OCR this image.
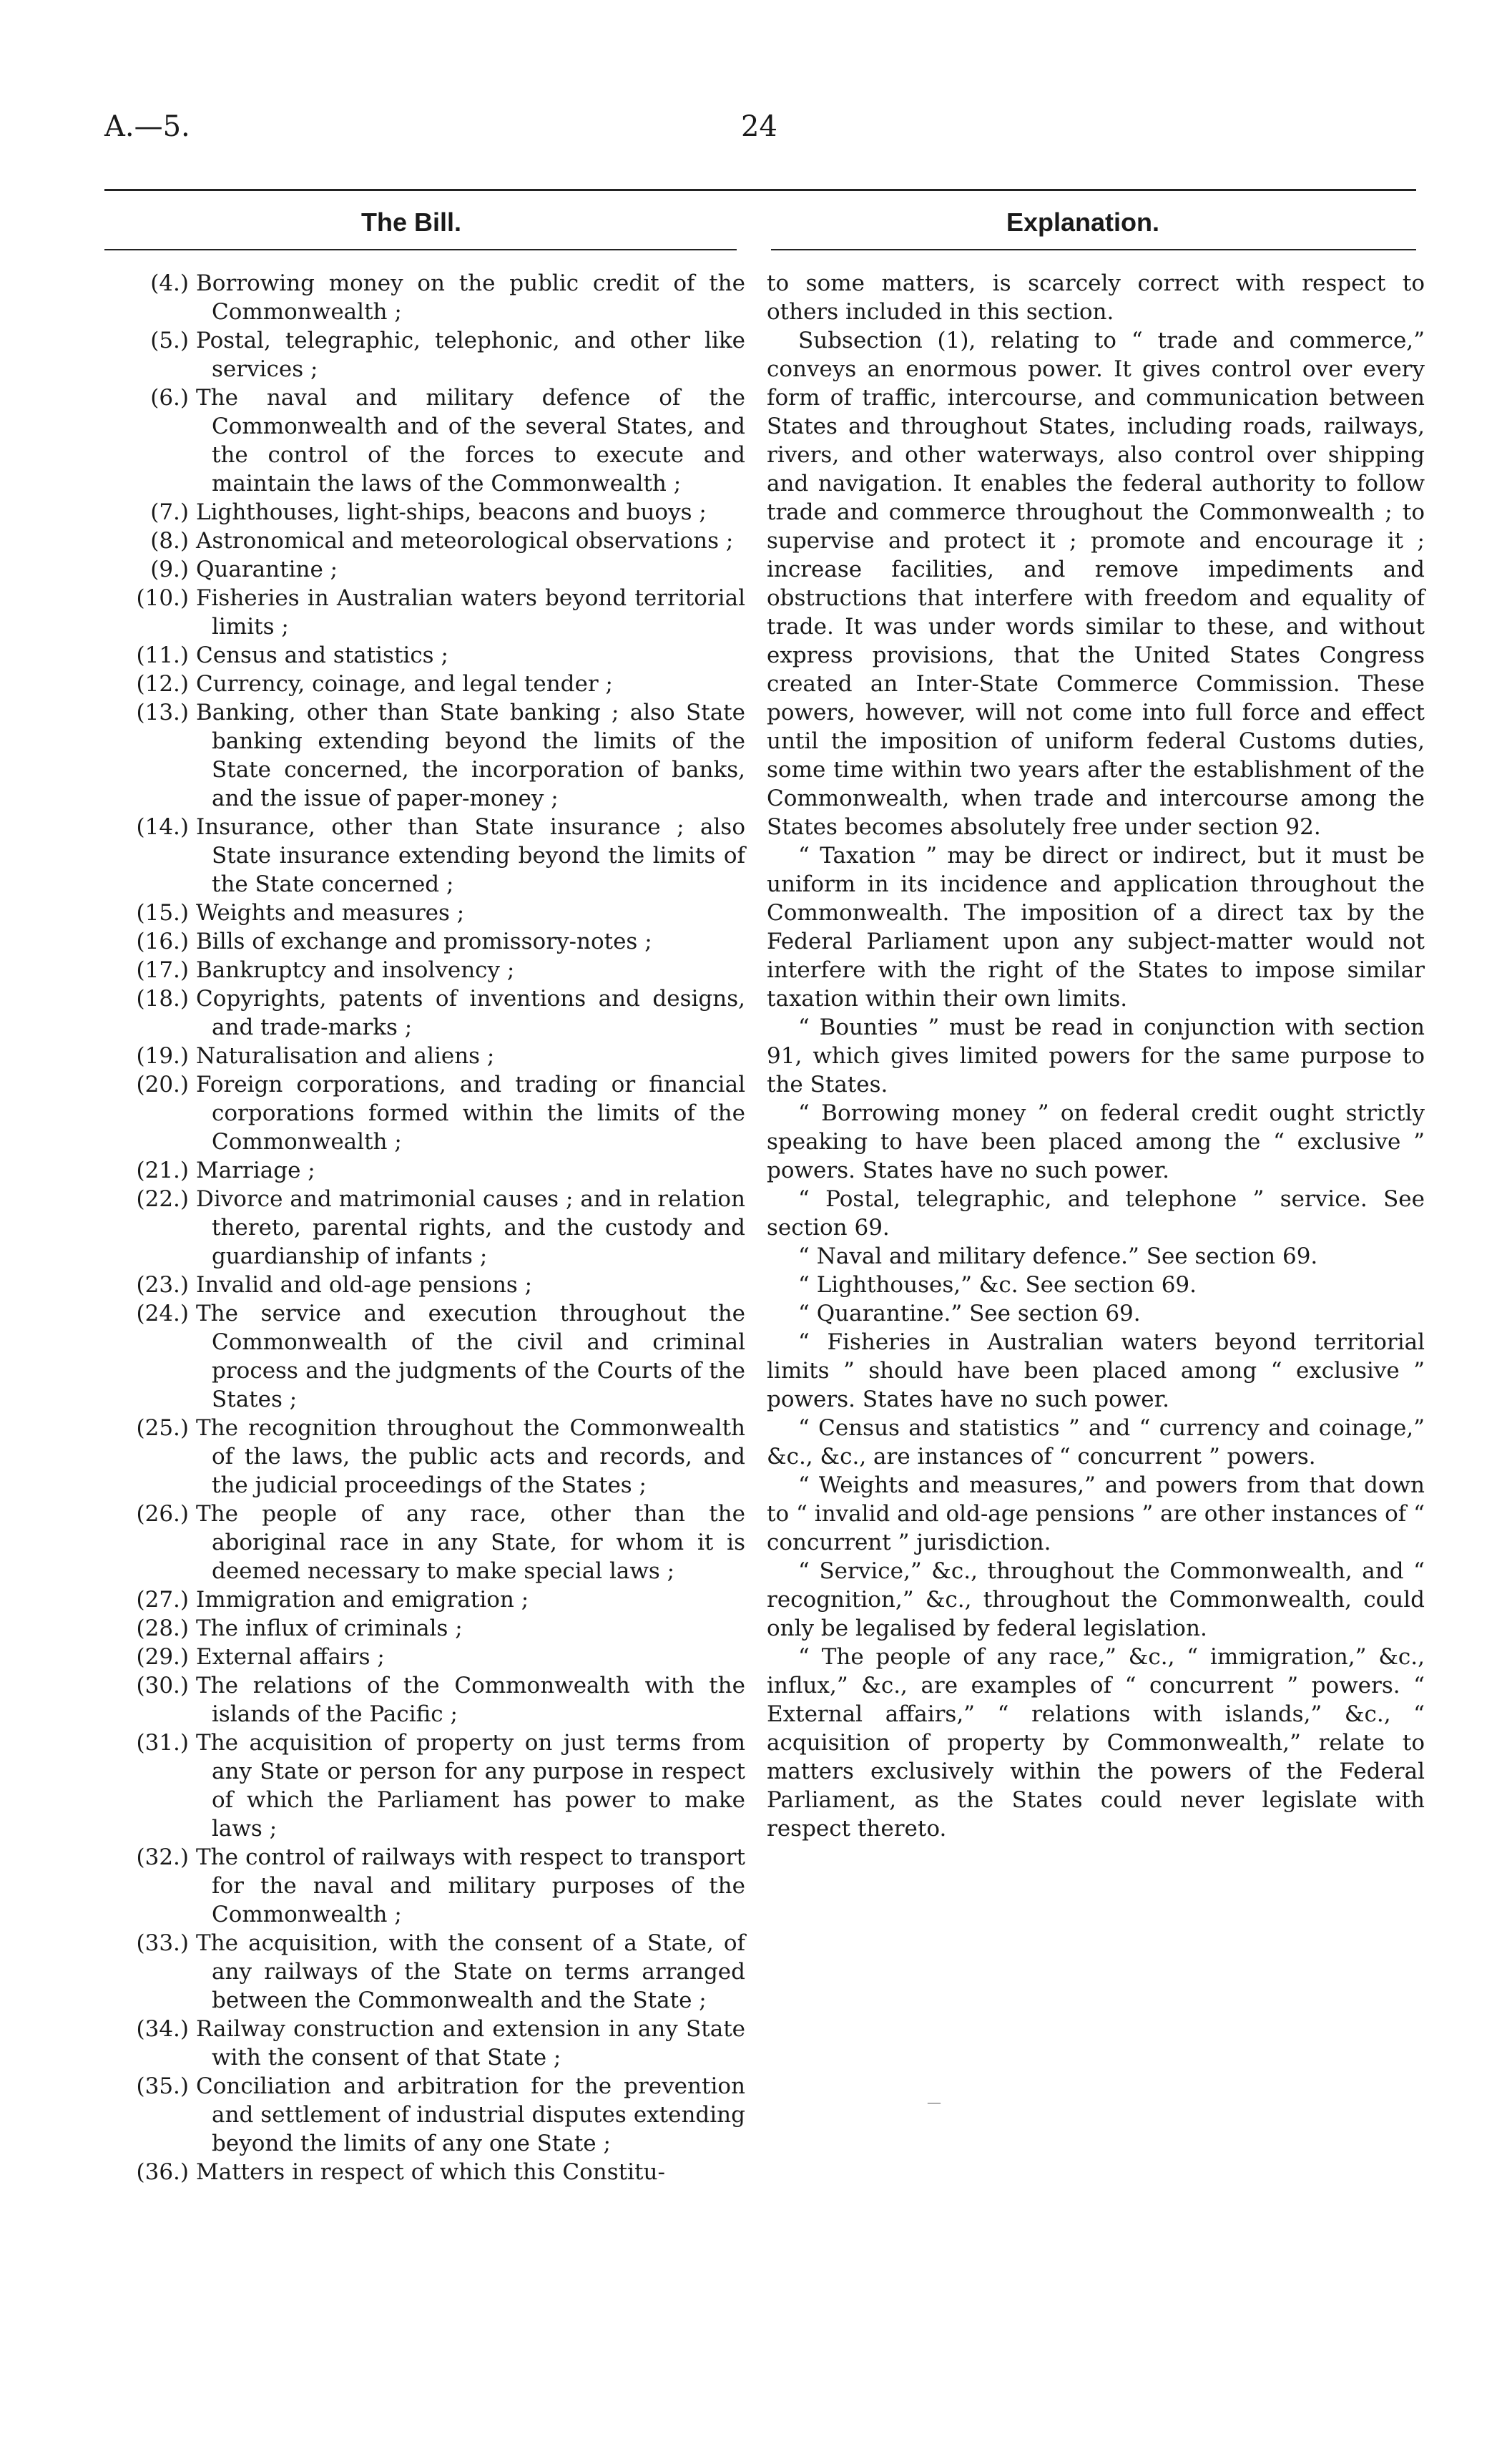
A.—5.	24
The Bill.	Explanation.
(4.) Borrowing money on the public credit of the Commonwealth ;
(5.) Postal, telegraphic, telephonic, and other like services ;
(6.) The naval and military defence of the Commonwealth and of the several States, and the control of the forces to execute and maintain the laws of the Commonwealth ;
(7.) Lighthouses, light-ships, beacons and buoys ;
(8.) Astronomical and meteorological observations ;
(9.) Quarantine ;
(10.) Fisheries in Australian waters beyond territorial limits ;
(11.) Census and statistics ;
(12.) Currency, coinage, and legal tender ;
(13.) Banking, other than State banking ; also State banking extending beyond the limits of the State concerned, the incorporation of banks, and the issue of paper-money ;
(14.) Insurance, other than State insurance ; also State insurance extending beyond the limits of the State concerned ;
(15.) Weights and measures ;
(16.) Bills of exchange and promissory-notes ;
(17.) Bankruptcy and insolvency ;
(18.) Copyrights, patents of inventions and designs, and trade-marks ;
(19.) Naturalisation and aliens ;
(20.) Foreign corporations, and trading or financial corporations formed within the limits of the Commonwealth ;
(21.) Marriage ;
(22.) Divorce and matrimonial causes ; and in relation thereto, parental rights, and the custody and guardianship of infants ;
(23.) Invalid and old-age pensions ;
(24.) The service and execution throughout the Commonwealth of the civil and criminal process and the judgments of the Courts of the States ;
(25.) The recognition throughout the Commonwealth of the laws, the public acts and records, and the judicial proceedings of the States ;
(26.) The people of any race, other than the aboriginal race in any State, for whom it is deemed necessary to make special laws ;
(27.) Immigration and emigration ;
(28.) The influx of criminals ;
(29.) External affairs ;
(30.) The relations of the Commonwealth with the islands of the Pacific ;
(31.) The acquisition of property on just terms from any State or person for any purpose in respect of which the Parliament has power to make laws ;
(32.) The control of railways with respect to transport for the naval and military purposes of the Commonwealth ;
(33.) The acquisition, with the consent of a State, of any railways of the State on terms arranged between the Commonwealth and the State ;
(34.) Railway construction and extension in any State with the consent of that State ;
(35.) Conciliation and arbitration for the prevention and settlement of industrial disputes extending beyond the limits of any one State ;
(36.) Matters in respect of which this Constitu-

to some matters, is scarcely correct with respect to others included in this section.

Subsection (1), relating to “ trade and commerce,” conveys an enormous power. It gives control over every form of traffic, intercourse, and communication between States and throughout States, including roads, railways, rivers, and other waterways, also control over shipping and navigation. It enables the federal authority to follow trade and commerce throughout the Commonwealth ; to supervise and protect it ; promote and encourage it ; increase facilities, and remove impediments and obstructions that interfere with freedom and equality of trade. It was under words similar to these, and without express provisions, that the United States Congress created an Inter-State Commerce Commission. These powers, however, will not come into full force and effect until the imposition of uniform federal Customs duties, some time within two years after the establishment of the Commonwealth, when trade and intercourse among the States becomes absolutely free under section 92.

“ Taxation ” may be direct or indirect, but it must be uniform in its incidence and application throughout the Commonwealth. The imposition of a direct tax by the Federal Parliament upon any subject-matter would not interfere with the right of the States to impose similar taxation within their own limits.

“ Bounties ” must be read in conjunction with section 91, which gives limited powers for the same purpose to the States.

“ Borrowing money ” on federal credit ought strictly speaking to have been placed among the “ exclusive ” powers. States have no such power.

“ Postal, telegraphic, and telephone ” service. See section 69.

“ Naval and military defence.” See section 69.

“ Lighthouses,” &c. See section 69.

“ Quarantine.” See section 69.

“ Fisheries in Australian waters beyond territorial limits ” should have been placed among “ exclusive ” powers. States have no such power.

“ Census and statistics ” and “ currency and coinage,” &c., &c., are instances of “ concurrent ” powers.

“ Weights and measures,” and powers from that down to “ invalid and old-age pensions ” are other instances of “ concurrent ” jurisdiction.

“ Service,” &c., throughout the Commonwealth, and “ recognition,” &c., throughout the Commonwealth, could only be legalised by federal legislation.

“ The people of any race,” &c., “ immigration,” &c., influx,” &c., are examples of “ concurrent ” powers. “ External affairs,” “ relations with islands,” &c., “ acquisition of property by Commonwealth,” relate to matters exclusively within the powers of the Federal Parliament, as the States could never legislate with respect thereto.

—
